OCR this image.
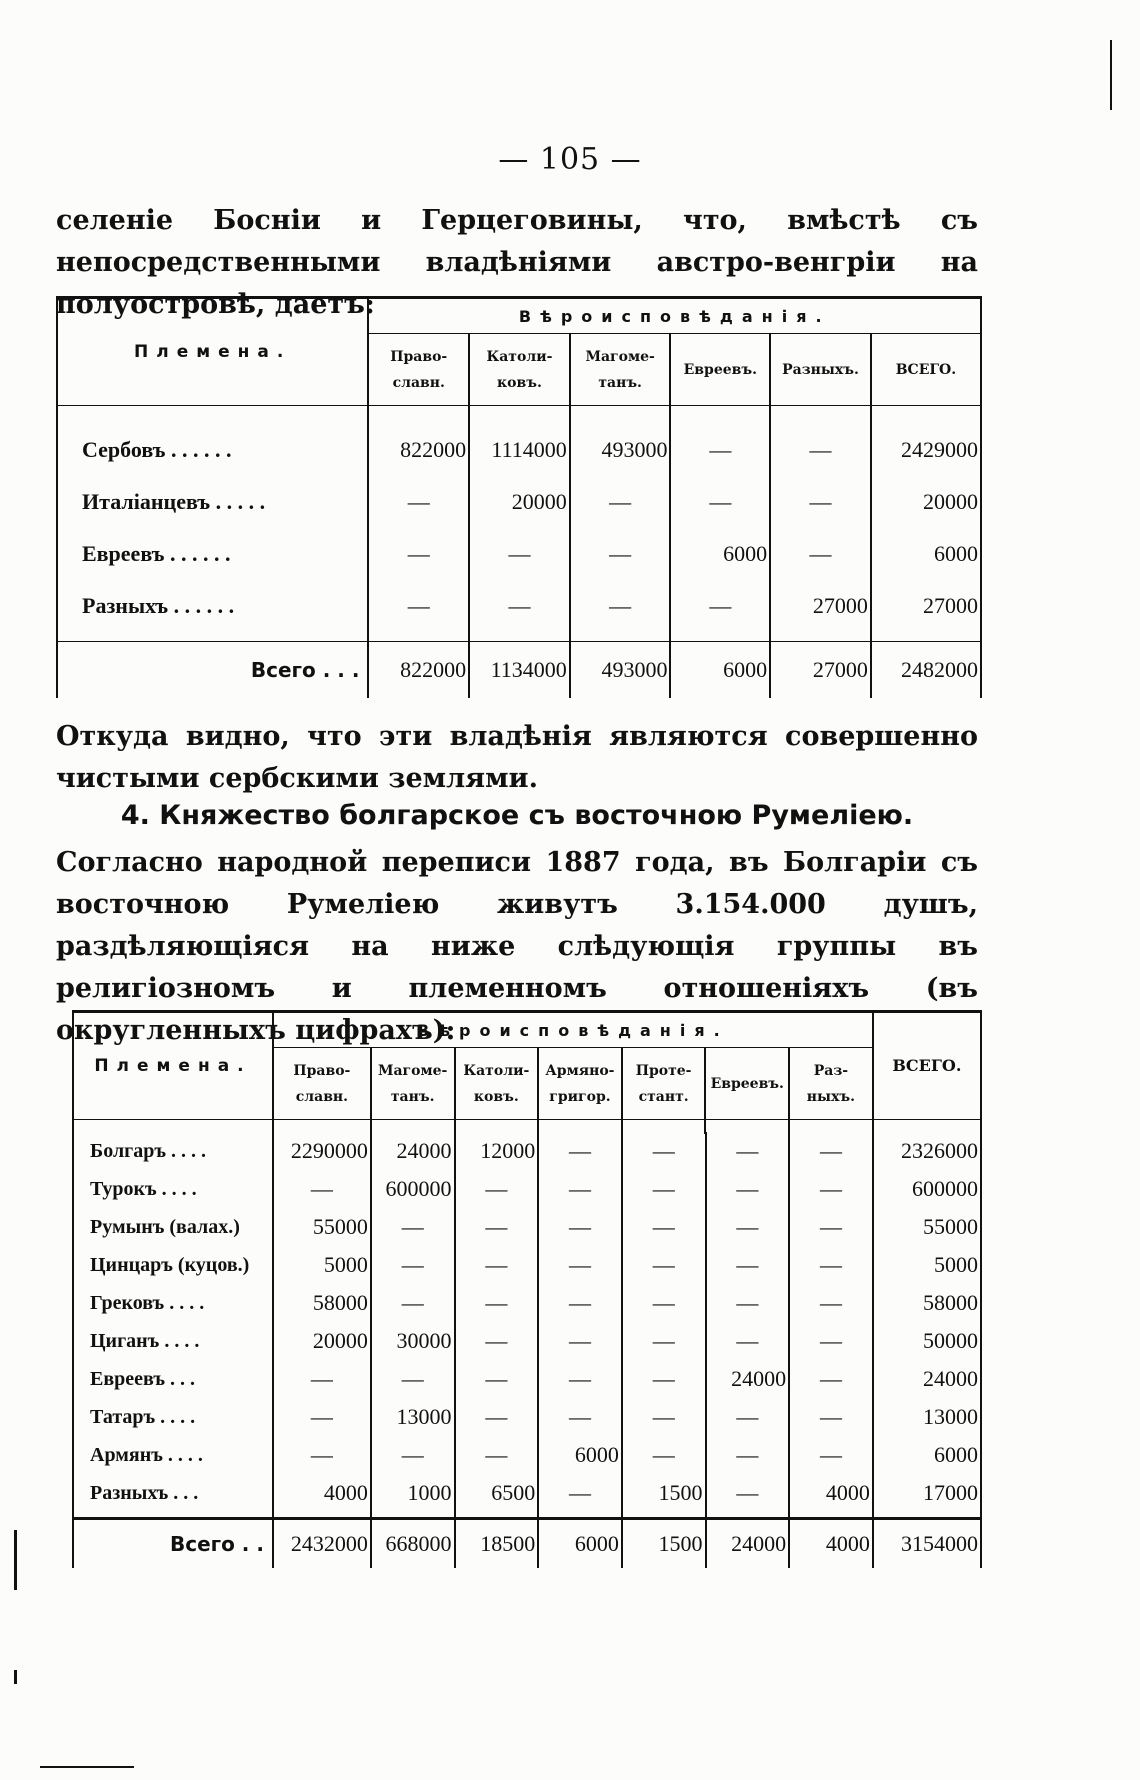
— 105 —
селеніе Босніи и Герцеговины, что, вмѣстѣ съ непосредственными владѣніями австро-венгріи на полуостровѣ, даетъ:
Племена.	Вѣроисповѣданія.					
	Право-славн.	Католи-ковъ.	Магоме-танъ.	Евреевъ.	Разныхъ.	ВСЕГО.

Сербовъ . . . . . .	822000	1114000	493000	—	—	2429000
Италіанцевъ . . . . .	—	20000	—	—	—	20000
Евреевъ . . . . . .	—	—	—	6000	—	6000
Разныхъ . . . . . .	—	—	—	—	27000	27000

Всего . . .	822000	1134000	493000	6000	27000	2482000
Откуда видно, что эти владѣнія являются совершенно чистыми сербскими землями.
4. Княжество болгарское съ восточною Румеліею.
Согласно народной переписи 1887 года, въ Болгаріи съ восточною Румеліею живутъ 3.154.000 душъ, раздѣляющіяся на ниже слѣдующія группы въ религіозномъ и племенномъ отношеніяхъ (въ округленныхъ цифрахъ):
Племена.	Вѣроисповѣданія.							ВСЕГО.
	Право-славн.	Магоме-танъ.	Католи-ковъ.	Армяно-григор.	Проте-стант.	Евреевъ.	Раз-ныхъ.	

Болгаръ . . . .	2290000	24000	12000	—	—	—	—	2326000
Турокъ . . . .	—	600000	—	—	—	—	—	600000
Румынъ (валах.)	55000	—	—	—	—	—	—	55000
Цинцаръ (куцов.)	5000	—	—	—	—	—	—	5000
Грековъ . . . .	58000	—	—	—	—	—	—	58000
Циганъ . . . .	20000	30000	—	—	—	—	—	50000
Евреевъ . . .	—	—	—	—	—	24000	—	24000
Татаръ . . . .	—	13000	—	—	—	—	—	13000
Армянъ . . . .	—	—	—	6000	—	—	—	6000
Разныхъ . . .	4000	1000	6500	—	1500	—	4000	17000

Всего . .	2432000	668000	18500	6000	1500	24000	4000	3154000
